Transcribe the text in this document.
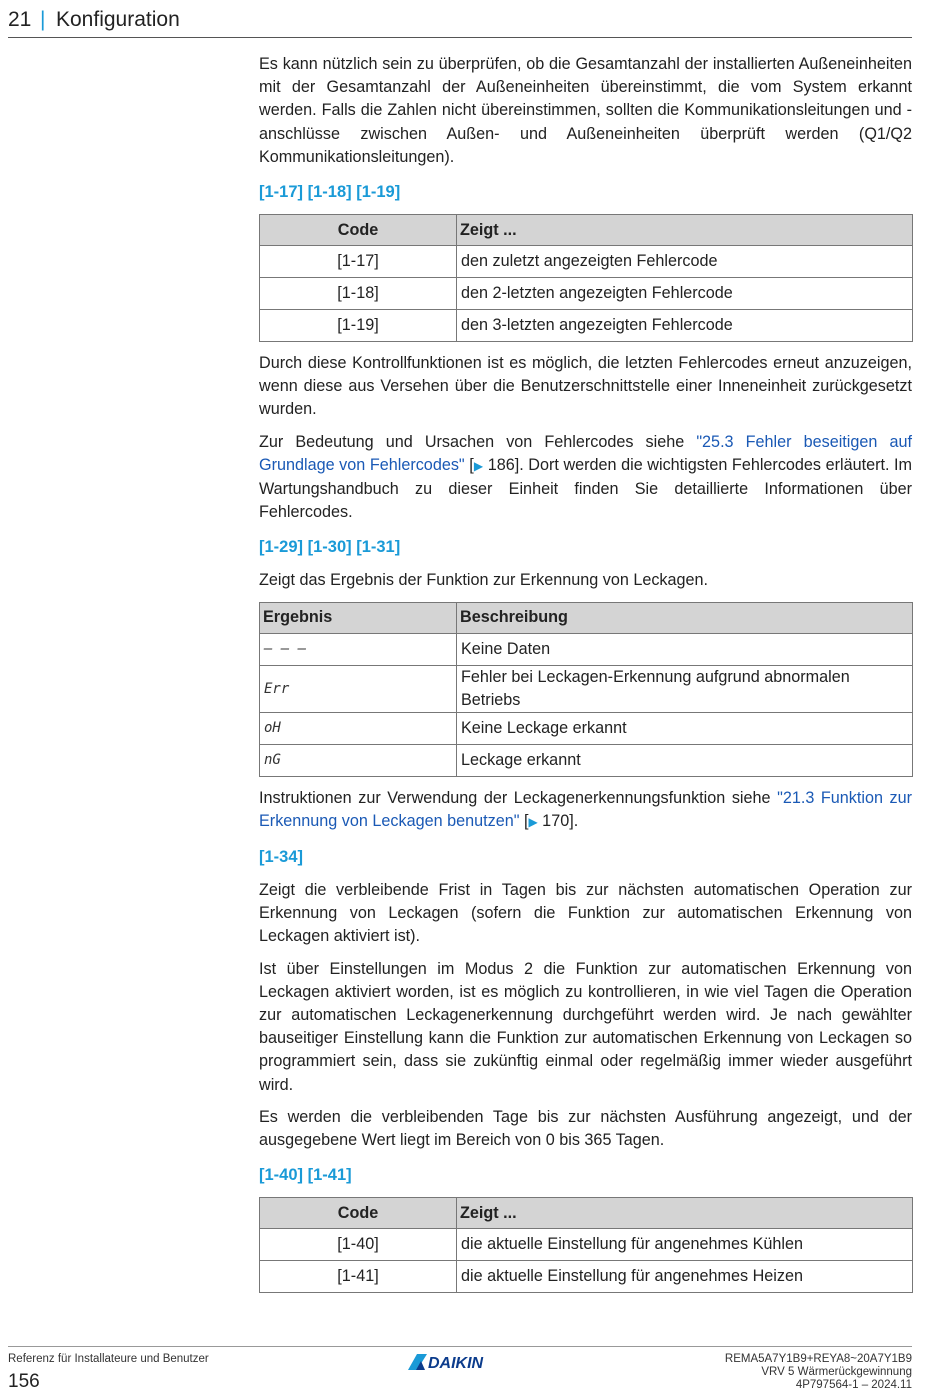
21 | Konfiguration

Es kann nützlich sein zu überprüfen, ob die Gesamtanzahl der installierten Außeneinheiten mit der Gesamtanzahl der Außeneinheiten übereinstimmt, die vom System erkannt werden. Falls die Zahlen nicht übereinstimmen, sollten die Kommunikationsleitungen und -anschlüsse zwischen Außen- und Außeneinheiten überprüft werden (Q1/Q2 Kommunikationsleitungen).

[1-17] [1-18] [1-19]
Code	Zeigt ...
[1-17]	den zuletzt angezeigten Fehlercode
[1-18]	den 2-letzten angezeigten Fehlercode
[1-19]	den 3-letzten angezeigten Fehlercode

Durch diese Kontrollfunktionen ist es möglich, die letzten Fehlercodes erneut anzuzeigen, wenn diese aus Versehen über die Benutzerschnittstelle einer Inneneinheit zurückgesetzt wurden.

Zur Bedeutung und Ursachen von Fehlercodes siehe "25.3 Fehler beseitigen auf Grundlage von Fehlercodes" [▶ 186]. Dort werden die wichtigsten Fehlercodes erläutert. Im Wartungshandbuch zu dieser Einheit finden Sie detaillierte Informationen über Fehlercodes.

[1-29] [1-30] [1-31]

Zeigt das Ergebnis der Funktion zur Erkennung von Leckagen.

Ergebnis	Beschreibung
– – –	Keine Daten
Err	Fehler bei Leckagen-Erkennung aufgrund abnormalen Betriebs
oH	Keine Leckage erkannt
nG	Leckage erkannt

Instruktionen zur Verwendung der Leckagenerkennungsfunktion siehe "21.3 Funktion zur Erkennung von Leckagen benutzen" [▶ 170].

[1-34]

Zeigt die verbleibende Frist in Tagen bis zur nächsten automatischen Operation zur Erkennung von Leckagen (sofern die Funktion zur automatischen Erkennung von Leckagen aktiviert ist).

Ist über Einstellungen im Modus 2 die Funktion zur automatischen Erkennung von Leckagen aktiviert worden, ist es möglich zu kontrollieren, in wie viel Tagen die Operation zur automatischen Leckagenerkennung durchgeführt werden wird. Je nach gewählter bauseitiger Einstellung kann die Funktion zur automatischen Erkennung von Leckagen so programmiert sein, dass sie zukünftig einmal oder regelmäßig immer wieder ausgeführt wird.

Es werden die verbleibenden Tage bis zur nächsten Ausführung angezeigt, und der ausgegebene Wert liegt im Bereich von 0 bis 365 Tagen.

[1-40] [1-41]
Code	Zeigt ...
[1-40]	die aktuelle Einstellung für angenehmes Kühlen
[1-41]	die aktuelle Einstellung für angenehmes Heizen
Referenz für Installateure und Benutzer
156
DAIKIN	REMA5A7Y1B9+REYA8~20A7Y1B9
VRV 5 Wärmerückgewinnung
4P797564-1 – 2024.11
